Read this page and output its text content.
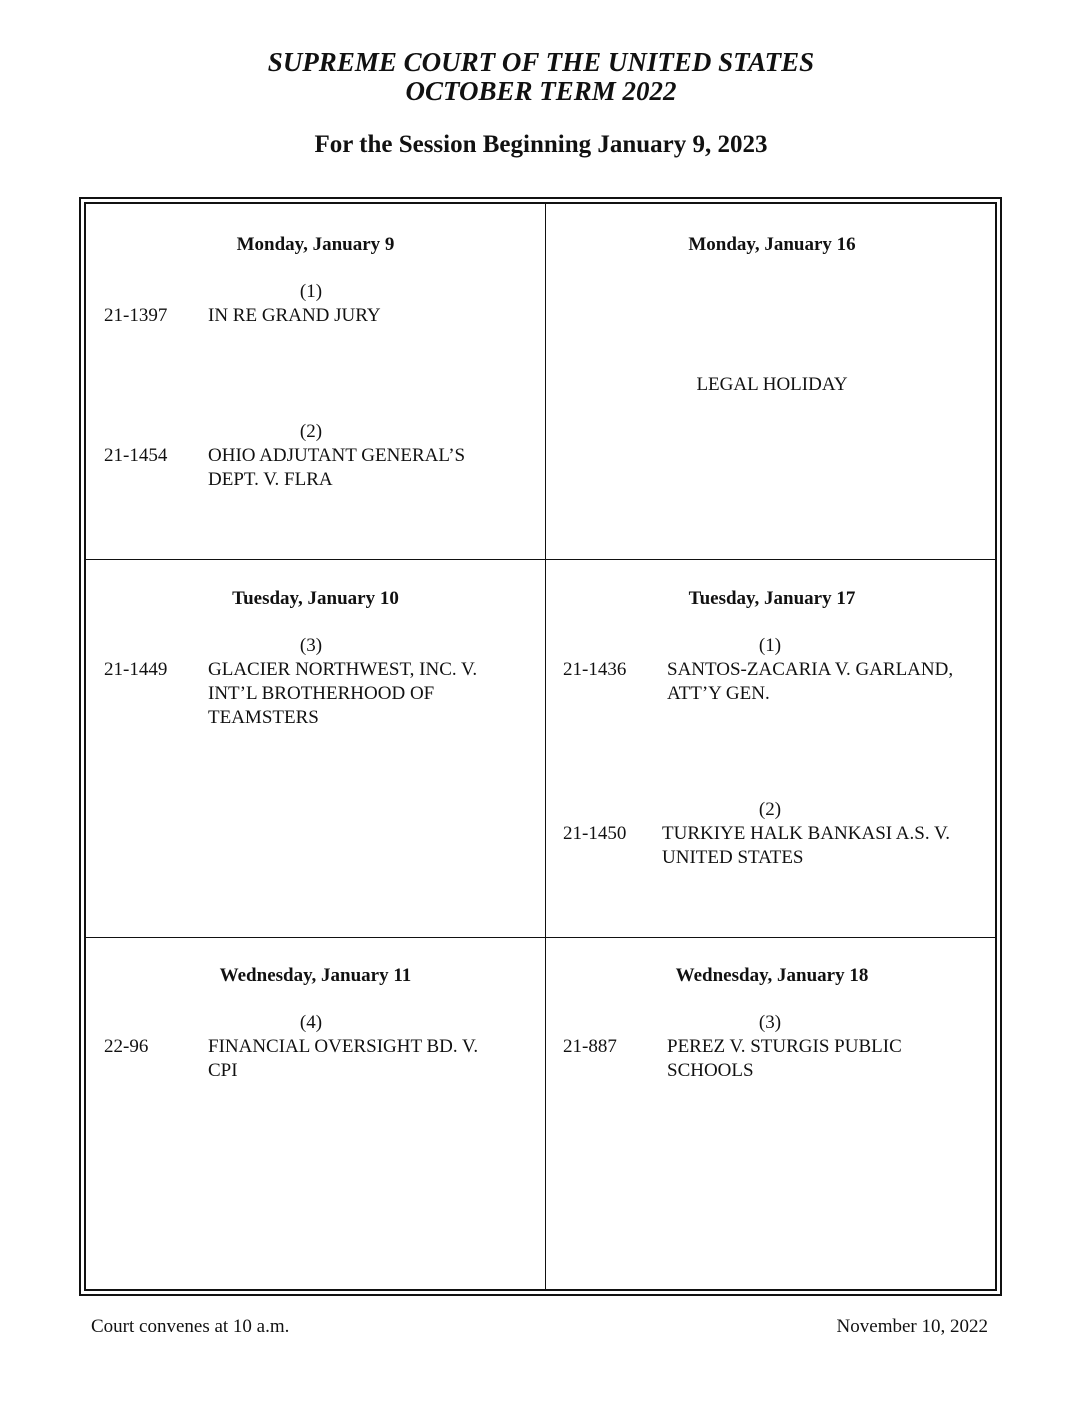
SUPREME COURT OF THE UNITED STATES
OCTOBER TERM 2022
For the Session Beginning January 9, 2023
Monday, January 9
(1)
21-1397 IN RE GRAND JURY
(2)
21-1454 OHIO ADJUTANT GENERAL’S DEPT. V. FLRA
Monday, January 16
LEGAL HOLIDAY
Tuesday, January 10
(3)
21-1449 GLACIER NORTHWEST, INC. V. INT’L BROTHERHOOD OF TEAMSTERS
Tuesday, January 17
(1)
21-1436 SANTOS-ZACARIA V. GARLAND, ATT’Y GEN.
(2)
21-1450 TURKIYE HALK BANKASI A.S. V. UNITED STATES
Wednesday, January 11
(4)
22-96	FINANCIAL OVERSIGHT BD. V. CPI
Wednesday, January 18
(3)
21-887	PEREZ V. STURGIS PUBLIC SCHOOLS
Court convenes at 10 a.m.	November 10, 2022
